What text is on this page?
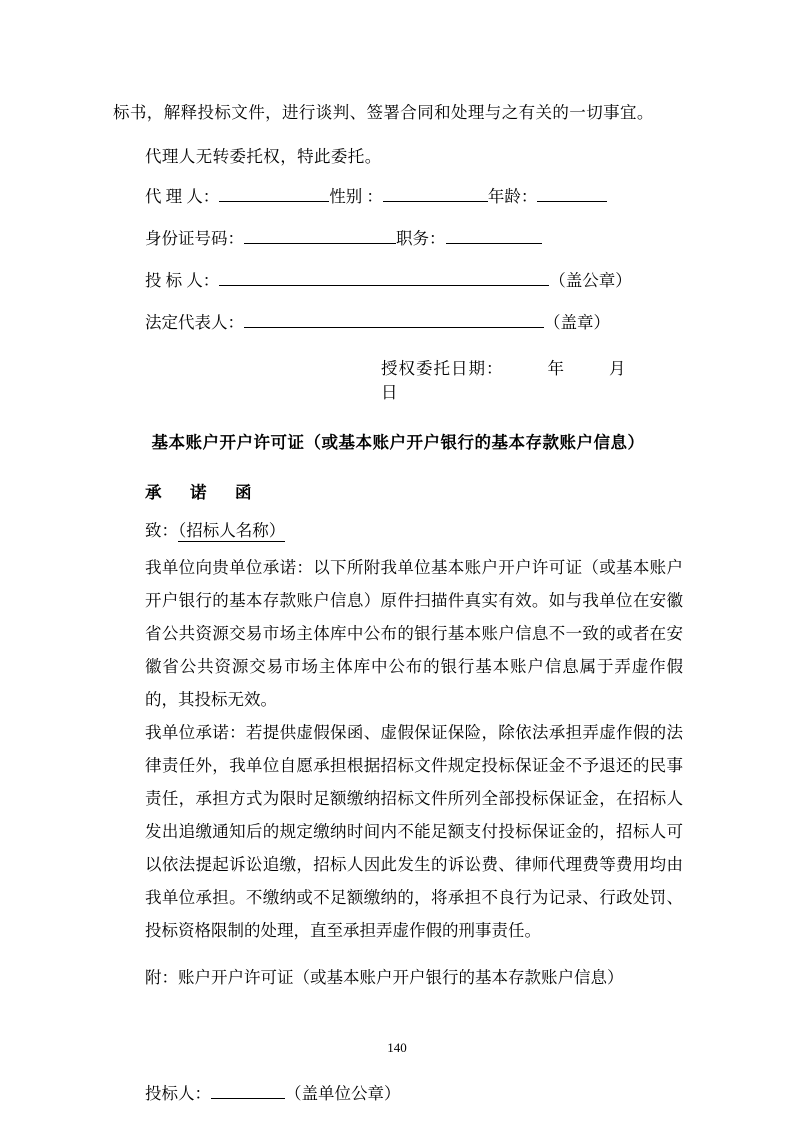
标书，解释投标文件，进行谈判、签署合同和处理与之有关的一切事宜。

代理人无转委托权，特此委托。

代 理 人：	性别 ：	年龄：
身份证号码：	职务：
投 标 人：	（盖公章）
法定代表人：	（盖章）
授权委托日期：	年	月日
基本账户开户许可证（或基本账户开户银行的基本存款账户信息）
承 诺 函
致：（招标人名称）

我单位向贵单位承诺：以下所附我单位基本账户开户许可证（或基本账户开户银行的基本存款账户信息）原件扫描件真实有效。如与我单位在安徽省公共资源交易市场主体库中公布的银行基本账户信息不一致的或者在安徽省公共资源交易市场主体库中公布的银行基本账户信息属于弄虚作假的，其投标无效。

我单位承诺：若提供虚假保函、虚假保证保险，除依法承担弄虚作假的法律责任外，我单位自愿承担根据招标文件规定投标保证金不予退还的民事责任，承担方式为限时足额缴纳招标文件所列全部投标保证金，在招标人发出追缴通知后的规定缴纳时间内不能足额支付投标保证金的，招标人可以依法提起诉讼追缴，招标人因此发生的诉讼费、律师代理费等费用均由我单位承担。不缴纳或不足额缴纳的，将承担不良行为记录、行政处罚、投标资格限制的处理，直至承担弄虚作假的刑事责任。

附：账户开户许可证（或基本账户开户银行的基本存款账户信息）

投标人：	（盖单位公章）
140
